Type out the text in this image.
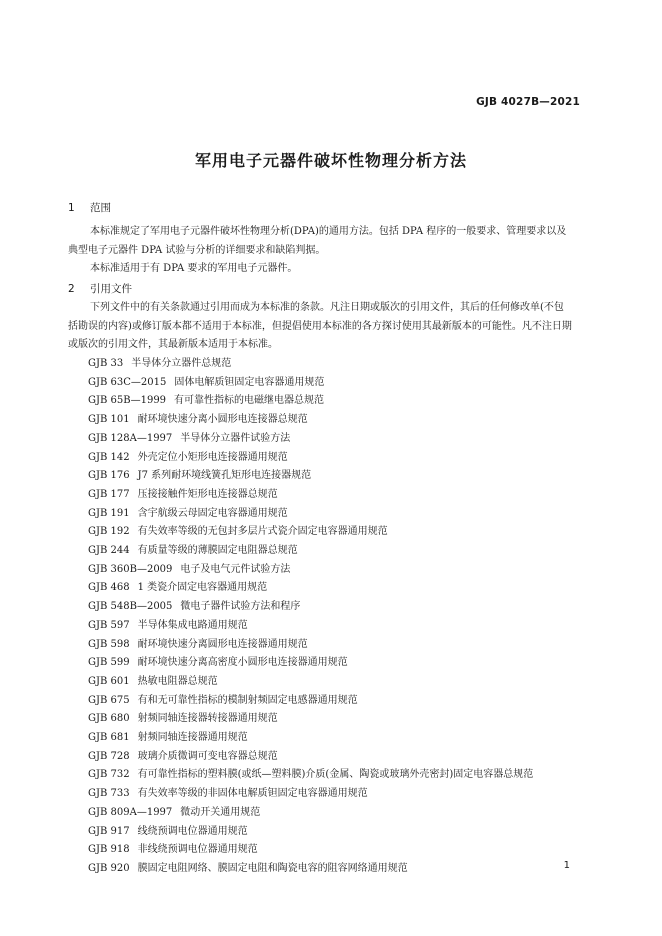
GJB 4027B—2021
军用电子元器件破坏性物理分析方法
1 范围
本标准规定了军用电子元器件破坏性物理分析(DPA)的通用方法。包括 DPA 程序的一般要求、管理要求以及典型电子元器件 DPA 试验与分析的详细要求和缺陷判据。
本标准适用于有 DPA 要求的军用电子元器件。
2 引用文件
下列文件中的有关条款通过引用而成为本标准的条款。凡注日期或版次的引用文件，其后的任何修改单(不包括勘误的内容)或修订版本都不适用于本标准，但提倡使用本标准的各方探讨使用其最新版本的可能性。凡不注日期或版次的引用文件，其最新版本适用于本标准。
GJB 33 半导体分立器件总规范
GJB 63C—2015 固体电解质钽固定电容器通用规范
GJB 65B—1999 有可靠性指标的电磁继电器总规范
GJB 101 耐环境快速分离小圆形电连接器总规范
GJB 128A—1997 半导体分立器件试验方法
GJB 142 外壳定位小矩形电连接器通用规范
GJB 176 J7 系列耐环境线簧孔矩形电连接器规范
GJB 177 压接接触件矩形电连接器总规范
GJB 191 含宇航级云母固定电容器通用规范
GJB 192 有失效率等级的无包封多层片式瓷介固定电容器通用规范
GJB 244 有质量等级的薄膜固定电阻器总规范
GJB 360B—2009 电子及电气元件试验方法
GJB 468 1 类瓷介固定电容器通用规范
GJB 548B—2005 微电子器件试验方法和程序
GJB 597 半导体集成电路通用规范
GJB 598 耐环境快速分离圆形电连接器通用规范
GJB 599 耐环境快速分离高密度小圆形电连接器通用规范
GJB 601 热敏电阻器总规范
GJB 675 有和无可靠性指标的模制射频固定电感器通用规范
GJB 680 射频同轴连接器转接器通用规范
GJB 681 射频同轴连接器通用规范
GJB 728 玻璃介质微调可变电容器总规范
GJB 732 有可靠性指标的塑料膜(或纸—塑料膜)介质(金属、陶瓷或玻璃外壳密封)固定电容器总规范
GJB 733 有失效率等级的非固体电解质钽固定电容器通用规范
GJB 809A—1997 微动开关通用规范
GJB 917 线绕预调电位器通用规范
GJB 918 非线绕预调电位器通用规范
GJB 920 膜固定电阻网络、膜固定电阻和陶瓷电容的阻容网络通用规范	1
